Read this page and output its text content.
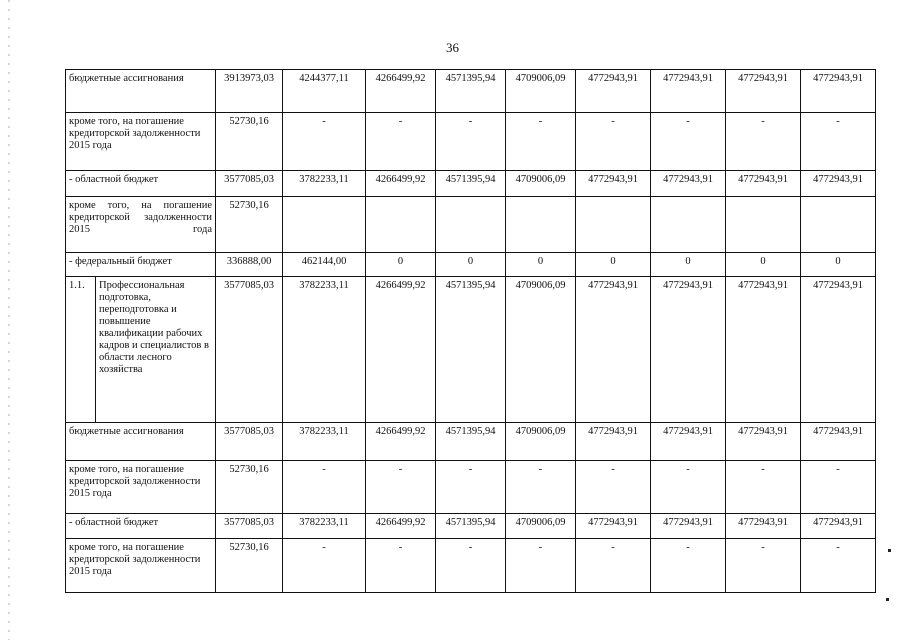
36
бюджетные ассигнования		3913973,03	4244377,11	4266499,92	4571395,94	4709006,09	4772943,91	4772943,91	4772943,91	4772943,91
кроме того, на погашение кредиторской задолженности 2015 года		52730,16	-	-	-	-	-	-	-	-
- областной бюджет		3577085,03	3782233,11	4266499,92	4571395,94	4709006,09	4772943,91	4772943,91	4772943,91	4772943,91
кроме того, на погашение кредиторской задолженности 2015 года		52730,16								
- федеральный бюджет		336888,00	462144,00	0	0	0	0	0	0	0
1.1.	Профессиональная подготовка, переподготовка и повышение квалификации рабочих кадров и специалистов в области лесного хозяйства	3577085,03	3782233,11	4266499,92	4571395,94	4709006,09	4772943,91	4772943,91	4772943,91	4772943,91
бюджетные ассигнования		3577085,03	3782233,11	4266499,92	4571395,94	4709006,09	4772943,91	4772943,91	4772943,91	4772943,91
кроме того, на погашение кредиторской задолженности 2015 года		52730,16	-	-	-	-	-	-	-	-
- областной бюджет		3577085,03	3782233,11	4266499,92	4571395,94	4709006,09	4772943,91	4772943,91	4772943,91	4772943,91
кроме того, на погашение кредиторской задолженности 2015 года		52730,16	-	-	-	-	-	-	-	-
